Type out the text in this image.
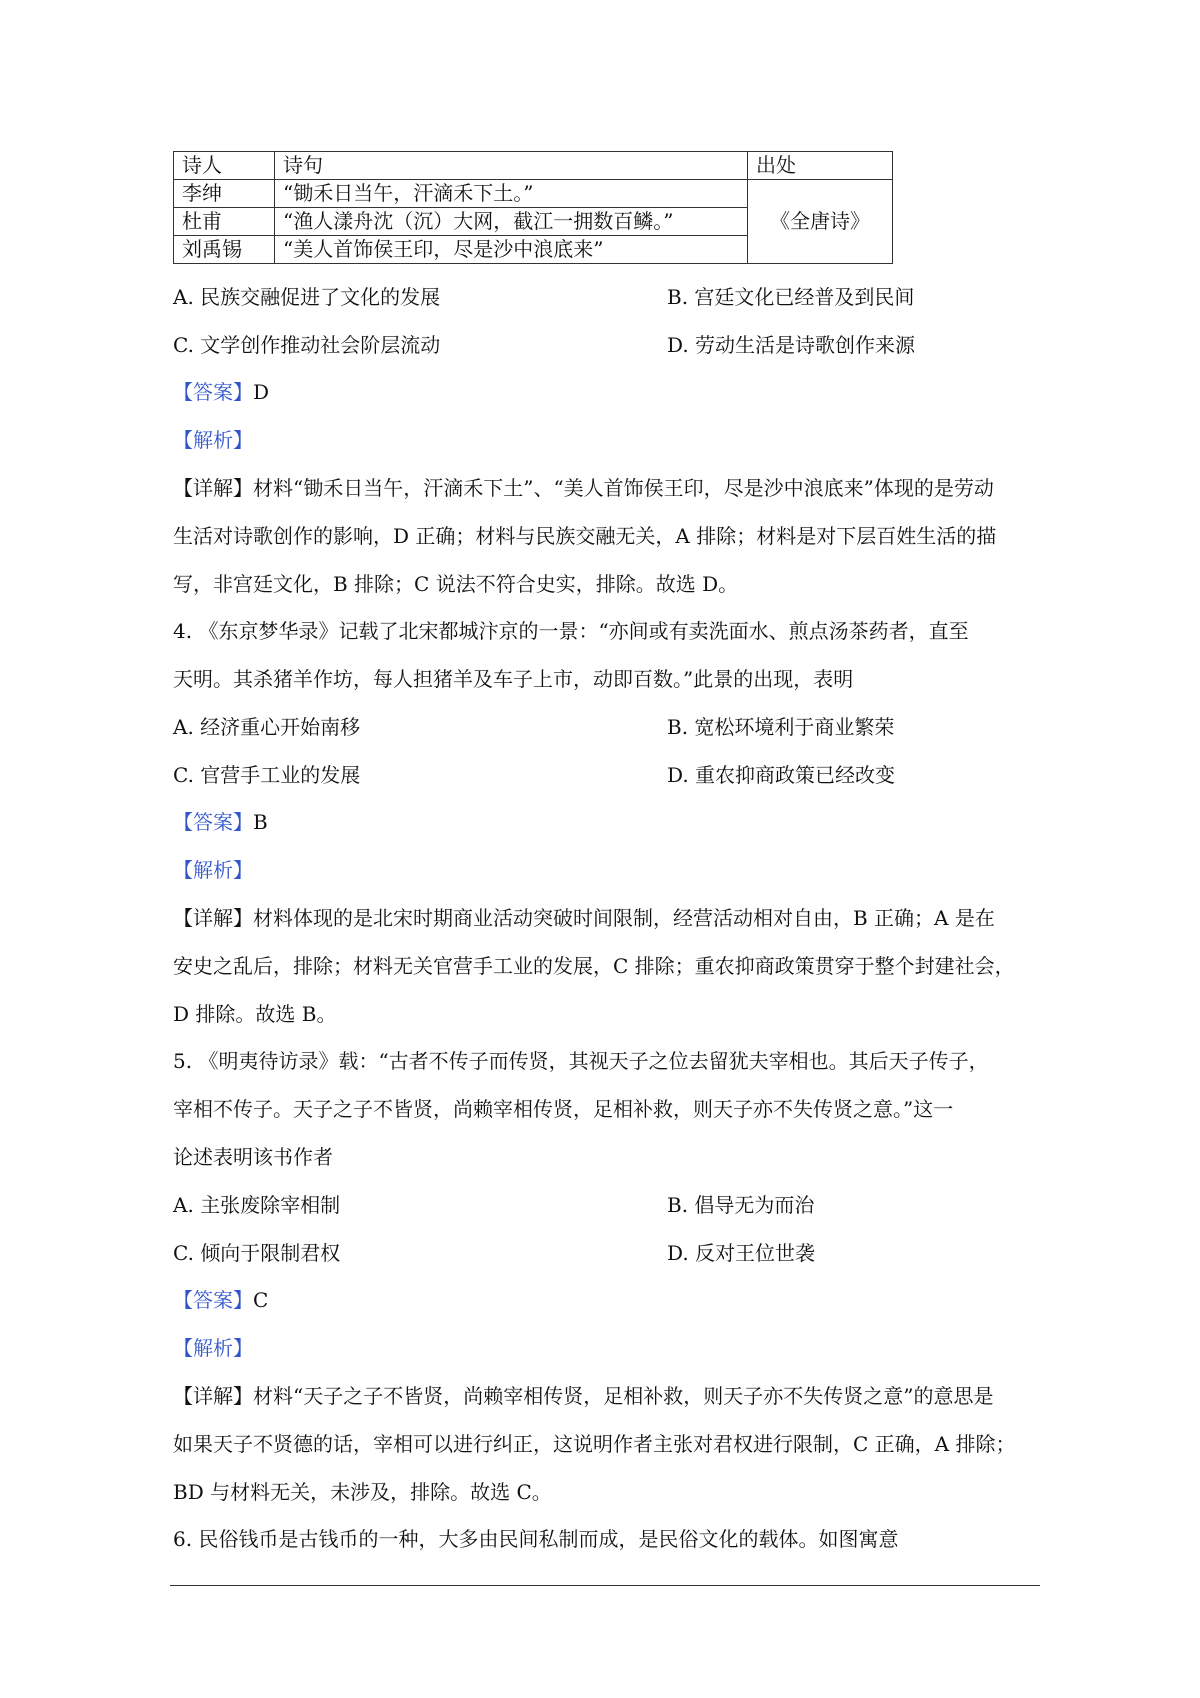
诗人	诗句	出处
李绅	“锄禾日当午，汗滴禾下土。”	《全唐诗》
杜甫	“渔人漾舟沈（沉）大网，截江一拥数百鳞。”	
刘禹锡	“美人首饰侯王印，尽是沙中浪底来”	
A. 民族交融促进了文化的发展	B. 宫廷文化已经普及到民间
C. 文学创作推动社会阶层流动	D. 劳动生活是诗歌创作来源
【答案】D
【解析】
【详解】材料“锄禾日当午，汗滴禾下土”、“美人首饰侯王印，尽是沙中浪底来”体现的是劳动
生活对诗歌创作的影响，D 正确；材料与民族交融无关，A 排除；材料是对下层百姓生活的描
写，非宫廷文化，B 排除；C 说法不符合史实，排除。故选 D。
4. 《东京梦华录》记载了北宋都城汴京的一景：“亦间或有卖洗面水、煎点汤茶药者，直至
天明。其杀猪羊作坊，每人担猪羊及车子上市，动即百数。”此景的出现，表明
A. 经济重心开始南移	B. 宽松环境利于商业繁荣
C. 官营手工业的发展	D. 重农抑商政策已经改变
【答案】B
【解析】
【详解】材料体现的是北宋时期商业活动突破时间限制，经营活动相对自由，B 正确；A 是在
安史之乱后，排除；材料无关官营手工业的发展，C 排除；重农抑商政策贯穿于整个封建社会，
D 排除。故选 B。
5. 《明夷待访录》载：“古者不传子而传贤，其视天子之位去留犹夫宰相也。其后天子传子，
宰相不传子。天子之子不皆贤，尚赖宰相传贤，足相补救，则天子亦不失传贤之意。”这一
论述表明该书作者
A. 主张废除宰相制	B. 倡导无为而治
C. 倾向于限制君权	D. 反对王位世袭
【答案】C
【解析】
【详解】材料“天子之子不皆贤，尚赖宰相传贤，足相补救，则天子亦不失传贤之意”的意思是
如果天子不贤德的话，宰相可以进行纠正，这说明作者主张对君权进行限制，C 正确，A 排除；
BD 与材料无关，未涉及，排除。故选 C。
6. 民俗钱币是古钱币的一种，大多由民间私制而成，是民俗文化的载体。如图寓意
